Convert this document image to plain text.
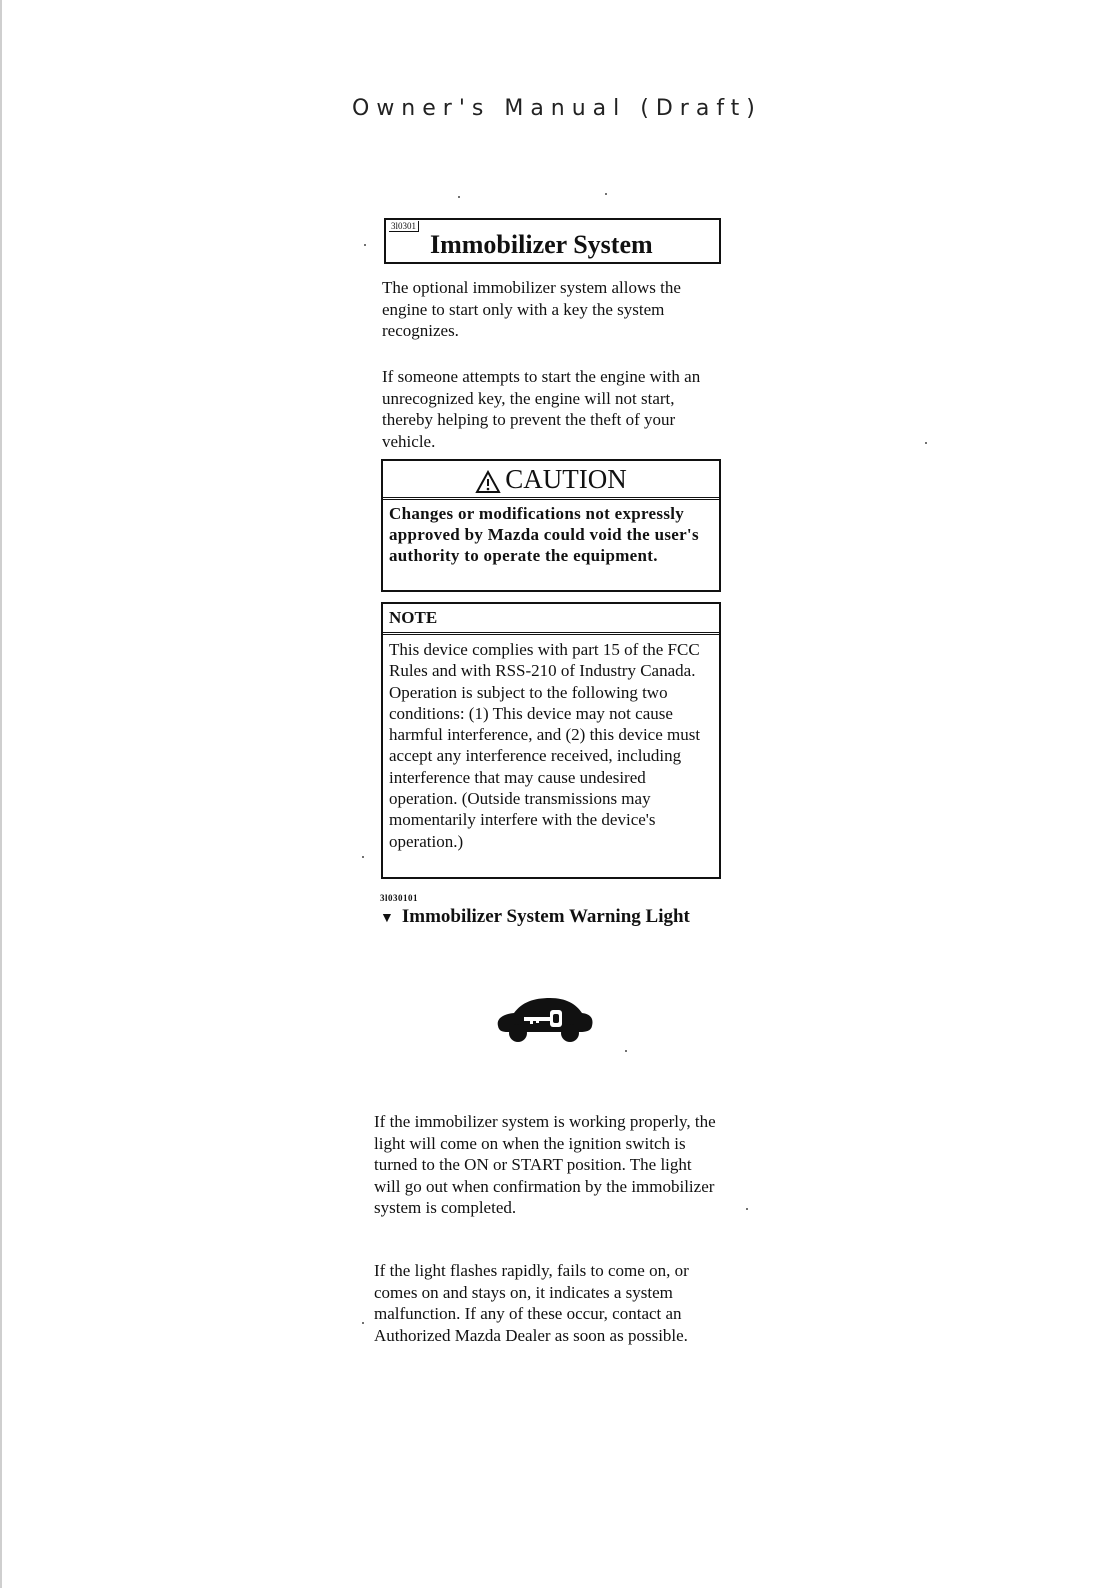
Owner's Manual (Draft)
3l0301
Immobilizer System

The optional immobilizer system allows the engine to start only with a key the system recognizes.

If someone attempts to start the engine with an unrecognized key, the engine will not start, thereby helping to prevent the theft of your vehicle.

CAUTION
Changes or modifications not expressly approved by Mazda could void the user's authority to operate the equipment.
NOTE
This device complies with part 15 of the FCC Rules and with RSS-210 of Industry Canada. Operation is subject to the following two conditions: (1) This device may not cause harmful interference, and (2) this device must accept any interference received, including interference that may cause undesired operation. (Outside transmissions may momentarily interfere with the device's operation.)
3l030101
▼ Immobilizer System Warning Light

If the immobilizer system is working properly, the light will come on when the ignition switch is turned to the ON or START position. The light will go out when confirmation by the immobilizer system is completed.

If the light flashes rapidly, fails to come on, or comes on and stays on, it indicates a system malfunction. If any of these occur, contact an Authorized Mazda Dealer as soon as possible.
